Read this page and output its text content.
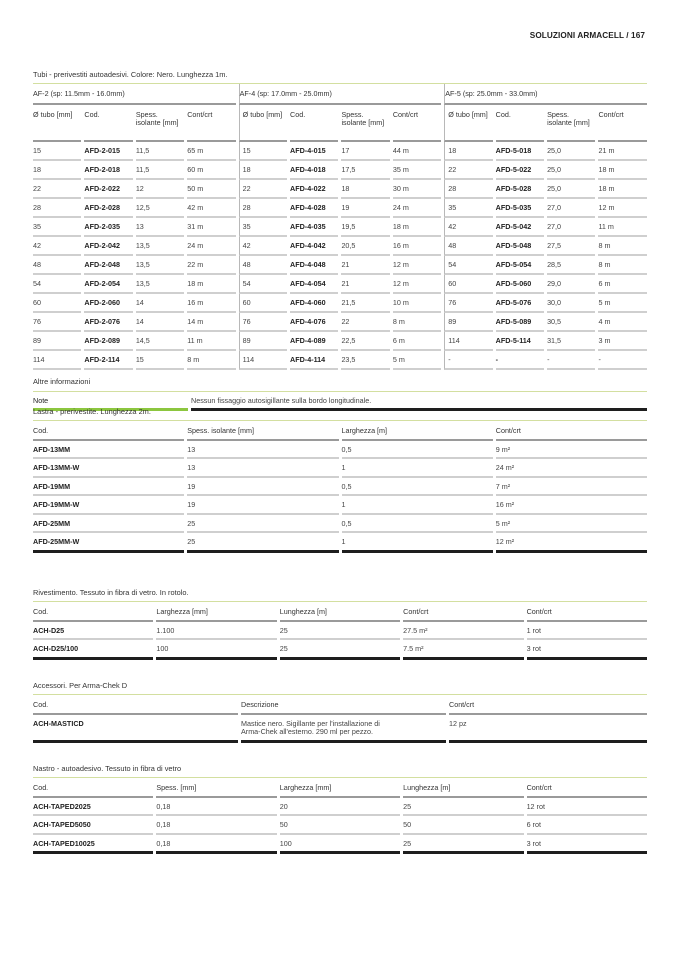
SOLUZIONI ARMACELL / 167
Tubi - prerivestiti autoadesivi. Colore: Nero. Lunghezza 1m.
AF-2 (sp: 11.5mm - 16.0mm)				AF-4 (sp: 17.0mm - 25.0mm)				AF-5 (sp: 25.0mm - 33.0mm)			
Ø tubo [mm]	Cod.	Spess. isolante [mm]	Cont/crt	Ø tubo [mm]	Cod.	Spess. isolante [mm]	Cont/crt	Ø tubo [mm]	Cod.	Spess. isolante [mm]	Cont/crt
15	AFD-2-015	11,5	65 m	15	AFD-4-015	17	44 m	18	AFD-5-018	25,0	21 m
18	AFD-2-018	11,5	60 m	18	AFD-4-018	17,5	35 m	22	AFD-5-022	25,0	18 m
22	AFD-2-022	12	50 m	22	AFD-4-022	18	30 m	28	AFD-5-028	25,0	18 m
28	AFD-2-028	12,5	42 m	28	AFD-4-028	19	24 m	35	AFD-5-035	27,0	12 m
35	AFD-2-035	13	31 m	35	AFD-4-035	19,5	18 m	42	AFD-5-042	27,0	11 m
42	AFD-2-042	13,5	24 m	42	AFD-4-042	20,5	16 m	48	AFD-5-048	27,5	8 m
48	AFD-2-048	13,5	22 m	48	AFD-4-048	21	12 m	54	AFD-5-054	28,5	8 m
54	AFD-2-054	13,5	18 m	54	AFD-4-054	21	12 m	60	AFD-5-060	29,0	6 m
60	AFD-2-060	14	16 m	60	AFD-4-060	21,5	10 m	76	AFD-5-076	30,0	5 m
76	AFD-2-076	14	14 m	76	AFD-4-076	22	8 m	89	AFD-5-089	30,5	4 m
89	AFD-2-089	14,5	11 m	89	AFD-4-089	22,5	6 m	114	AFD-5-114	31,5	3 m
114	AFD-2-114	15	8 m	114	AFD-4-114	23,5	5 m	-	-	-	-
Altre informazioni
Note	Nessun fissaggio autosigillante sulla bordo longitudinale.
Lastra - prerivestite. Lunghezza 2m.
Cod.	Spess. isolante [mm]	Larghezza [m]	Cont/crt
AFD-13MM	13	0,5	9 m²
AFD-13MM-W	13	1	24 m²
AFD-19MM	19	0,5	7 m²
AFD-19MM-W	19	1	16 m²
AFD-25MM	25	0,5	5 m²
AFD-25MM-W	25	1	12 m²
Rivestimento. Tessuto in fibra di vetro. In rotolo.
Cod.	Larghezza [mm]	Lunghezza [m]	Cont/crt	Cont/crt
ACH-D25	1.100	25	27.5 m²	1 rot
ACH-D25/100	100	25	7.5 m²	3 rot
Accessori. Per Arma-Chek D
Cod.	Descrizione	Cont/crt
ACH-MASTICD	Mastice nero. Sigillante per l'installazione di Arma-Chek all'esterno. 290 ml per pezzo.	12 pz
Nastro - autoadesivo. Tessuto in fibra di vetro
Cod.	Spess. [mm]	Larghezza [mm]	Lunghezza [m]	Cont/crt
ACH-TAPED2025	0,18	20	25	12 rot
ACH-TAPED5050	0,18	50	50	6 rot
ACH-TAPED10025	0,18	100	25	3 rot
